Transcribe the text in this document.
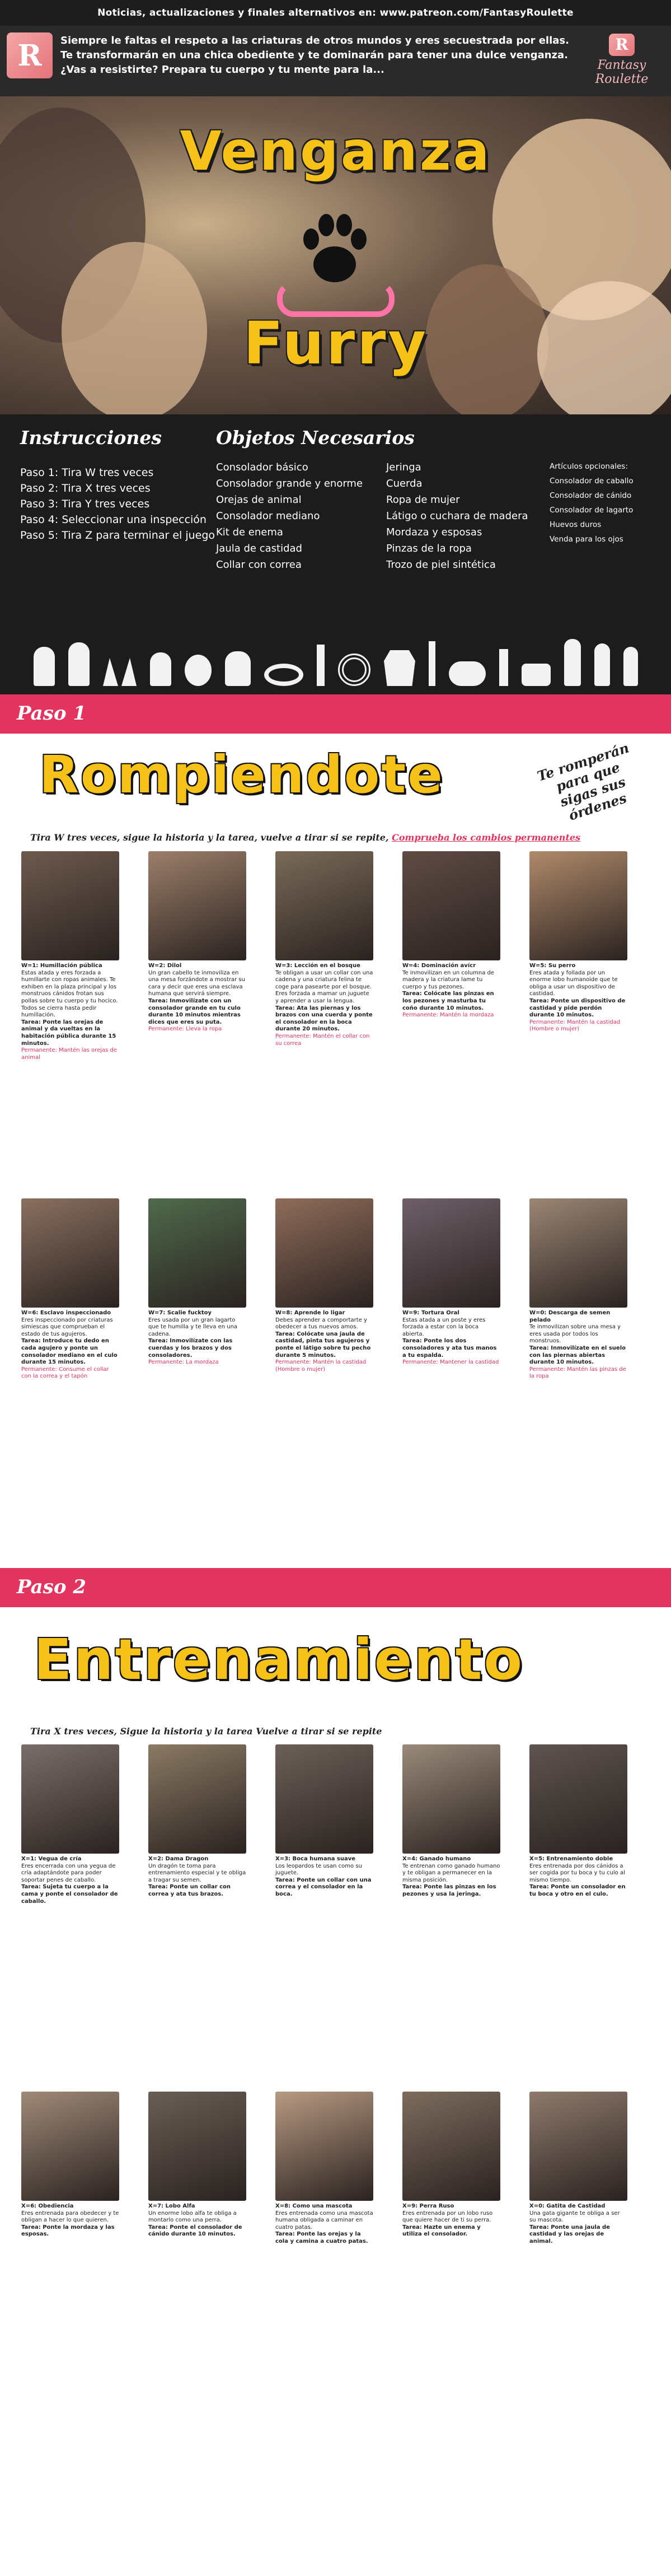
Noticias, actualizaciones y finales alternativos en: www.patreon.com/FantasyRoulette
R Siempre le faltas el respeto a las criaturas de otros mundos y eres secuestrada por ellas. Te transformarán en una chica obediente y te dominarán para tener una dulce venganza. ¿Vas a resistirte? Prepara tu cuerpo y tu mente para la...
R
Fantasy Roulette
Venganza
Furry
Instrucciones
Paso 1: Tira W tres veces
Paso 2: Tira X tres veces
Paso 3: Tira Y tres veces
Paso 4: Seleccionar una inspección
Paso 5: Tira Z para terminar el juego
Objetos Necesarios
Consolador básico
Consolador grande y enorme
Orejas de animal
Consolador mediano
Kit de enema
Jaula de castidad
Collar con correa
Jeringa
Cuerda
Ropa de mujer
Látigo o cuchara de madera
Mordaza y esposas
Pinzas de la ropa
Trozo de piel sintética
Artículos opcionales:
Consolador de caballo
Consolador de cánido
Consolador de lagarto
Huevos duros
Venda para los ojos
Paso 1
Rompiendote	Te romperán para que sigas sus órdenes
Tira W tres veces, sigue la historia y la tarea, vuelve a tirar si se repite, Comprueba los cambios permanentes
W=1: Humillación pública
Estas atada y eres forzada a humillarte con ropas animales. Te exhiben en la plaza principal y los monstruos cánidos frotan sus pollas sobre tu cuerpo y tu hocico. Todos se cierra hasta pedir humillación.
Tarea: Ponte las orejas de animal y da vueltas en la habitación pública durante 15 minutos.
Permanente: Mantén las orejas de animal
W=2: Dilol
Un gran cabello te inmoviliza en una mesa forzándote a mostrar su cara y decir que eres una esclava humana que servirá siempre.
Tarea: Inmovilízate con un consolador grande en tu culo durante 10 minutos mientras dices que eres su puta.
Permanente: Lleva la ropa
W=3: Lección en el bosque
Te obligan a usar un collar con una cadena y una criatura felina te coge para pasearte por el bosque. Eres forzada a mamar un juguete y aprender a usar la lengua.
Tarea: Ata las piernas y los brazos con una cuerda y ponte el consolador en la boca durante 20 minutos.
Permanente: Mantén el collar con su correa
W=4: Dominación avícr
Te inmovilizan en un columna de madera y la criatura lame tu cuerpo y tus pezones.
Tarea: Colócate las pinzas en los pezones y masturba tu coño durante 10 minutos.
Permanente: Mantén la mordaza
W=5: Su perro
Eres atada y follada por un enorme lobo humanoide que te obliga a usar un dispositivo de castidad.
Tarea: Ponte un dispositivo de castidad y pide perdón durante 10 minutos.
Permanente: Mantén la castidad (Hombre o mujer)
W=6: Esclavo inspeccionado
Eres inspeccionado por criaturas simiescas que comprueban el estado de tus agujeros.
Tarea: Introduce tu dedo en cada agujero y ponte un consolador mediano en el culo durante 15 minutos.
Permanente: Consume el collar con la correa y el tapón
W=7: Scalie fucktoy
Eres usada por un gran lagarto que te humilla y te lleva en una cadena.
Tarea: Inmovilízate con las cuerdas y los brazos y dos consoladores.
Permanente: La mordaza
W=8: Aprende lo ligar
Debes aprender a comportarte y obedecer a tus nuevos amos.
Tarea: Colócate una jaula de castidad, pinta tus agujeros y ponte el látigo sobre tu pecho durante 5 minutos.
Permanente: Mantén la castidad (Hombre o mujer)
W=9: Tortura Oral
Estas atada a un poste y eres forzada a estar con la boca abierta.
Tarea: Ponte los dos consoladores y ata tus manos a tu espalda.
Permanente: Mantener la castidad
W=0: Descarga de semen pelado
Te inmovilizan sobre una mesa y eres usada por todos los monstruos.
Tarea: Inmovilízate en el suelo con las piernas abiertas durante 10 minutos.
Permanente: Mantén las pinzas de la ropa
Paso 2
Entrenamiento
Tira X tres veces, Sigue la historia y la tarea Vuelve a tirar si se repite
X=1: Vegua de cría
Eres encerrada con una yegua de cría adaptándote para poder soportar penes de caballo.
Tarea: Sujeta tu cuerpo a la cama y ponte el consolador de caballo.
X=2: Dama Dragon
Un dragón te toma para entrenamiento especial y te obliga a tragar su semen.
Tarea: Ponte un collar con correa y ata tus brazos.
X=3: Boca humana suave
Los leopardos te usan como su juguete.
Tarea: Ponte un collar con una correa y el consolador en la boca.
X=4: Ganado humano
Te entrenan como ganado humano y te obligan a permanecer en la misma posición.
Tarea: Ponte las pinzas en los pezones y usa la jeringa.
X=5: Entrenamiento doble
Eres entrenada por dos cánidos a ser cogida por tu boca y tu culo al mismo tiempo.
Tarea: Ponte un consolador en tu boca y otro en el culo.
X=6: Obediencia
Eres entrenada para obedecer y te obligan a hacer lo que quieren.
Tarea: Ponte la mordaza y las esposas.
X=7: Lobo Alfa
Un enorme lobo alfa te obliga a montarlo como una perra.
Tarea: Ponte el consolador de cánido durante 10 minutos.
X=8: Como una mascota
Eres entrenada como una mascota humana obligada a caminar en cuatro patas.
Tarea: Ponte las orejas y la cola y camina a cuatro patas.
X=9: Perra Ruso
Eres entrenada por un lobo ruso que quiere hacer de ti su perra.
Tarea: Hazte un enema y utiliza el consolador.
X=0: Gatita de Castidad
Una gata gigante te obliga a ser su mascota.
Tarea: Ponte una jaula de castidad y las orejas de animal.
